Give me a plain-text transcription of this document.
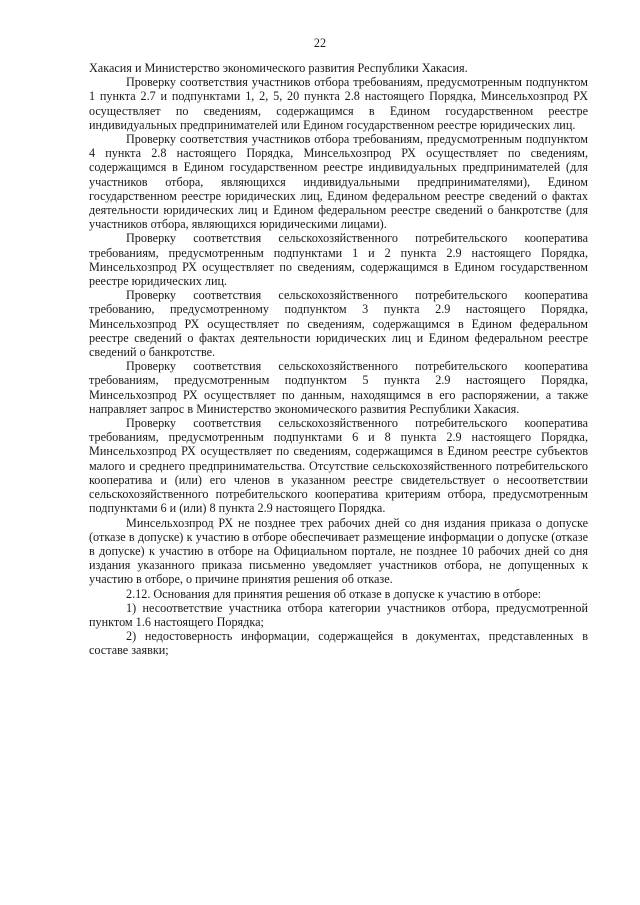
22

Хакасия и Министерство экономического развития Республики Хакасия.

Проверку соответствия участников отбора требованиям, предусмотренным подпунктом 1 пункта 2.7 и подпунктами 1, 2, 5, 20 пункта 2.8 настоящего Порядка, Минсельхозпрод РХ осуществляет по сведениям, содержащимся в Едином государственном реестре индивидуальных предпринимателей или Едином государственном реестре юридических лиц.

Проверку соответствия участников отбора требованиям, предусмотренным подпунктом 4 пункта 2.8 настоящего Порядка, Минсельхозпрод РХ осуществляет по сведениям, содержащимся в Едином государственном реестре индивидуальных предпринимателей (для участников отбора, являющихся индивидуальными предпринимателями), Едином государственном реестре юридических лиц, Едином федеральном реестре сведений о фактах деятельности юридических лиц и Едином федеральном реестре сведений о банкротстве (для участников отбора, являющихся юридическими лицами).

Проверку соответствия сельскохозяйственного потребительского кооператива требованиям, предусмотренным подпунктами 1 и 2 пункта 2.9 настоящего Порядка, Минсельхозпрод РХ осуществляет по сведениям, содержащимся в Едином государственном реестре юридических лиц.

Проверку соответствия сельскохозяйственного потребительского кооператива требованию, предусмотренному подпунктом 3 пункта 2.9 настоящего Порядка, Минсельхозпрод РХ осуществляет по сведениям, содержащимся в Едином федеральном реестре сведений о фактах деятельности юридических лиц и Едином федеральном реестре сведений о банкротстве.

Проверку соответствия сельскохозяйственного потребительского кооператива требованиям, предусмотренным подпунктом 5 пункта 2.9 настоящего Порядка, Минсельхозпрод РХ осуществляет по данным, находящимся в его распоряжении, а также направляет запрос в Министерство экономического развития Республики Хакасия.

Проверку соответствия сельскохозяйственного потребительского кооператива требованиям, предусмотренным подпунктами 6 и 8 пункта 2.9 настоящего Порядка, Минсельхозпрод РХ осуществляет по сведениям, содержащимся в Едином реестре субъектов малого и среднего предпринимательства. Отсутствие сельскохозяйственного потребительского кооператива и (или) его членов в указанном реестре свидетельствует о несоответствии сельскохозяйственного потребительского кооператива критериям отбора, предусмотренным подпунктами 6 и (или) 8 пункта 2.9 настоящего Порядка.

Минсельхозпрод РХ не позднее трех рабочих дней со дня издания приказа о допуске (отказе в допуске) к участию в отборе обеспечивает размещение информации о допуске (отказе в допуске) к участию в отборе на Официальном портале, не позднее 10 рабочих дней со дня издания указанного приказа письменно уведомляет участников отбора, не допущенных к участию в отборе, о причине принятия решения об отказе.

2.12. Основания для принятия решения об отказе в допуске к участию в отборе:

1) несоответствие участника отбора категории участников отбора, предусмотренной пунктом 1.6 настоящего Порядка;

2) недостоверность информации, содержащейся в документах, представленных в составе заявки;
